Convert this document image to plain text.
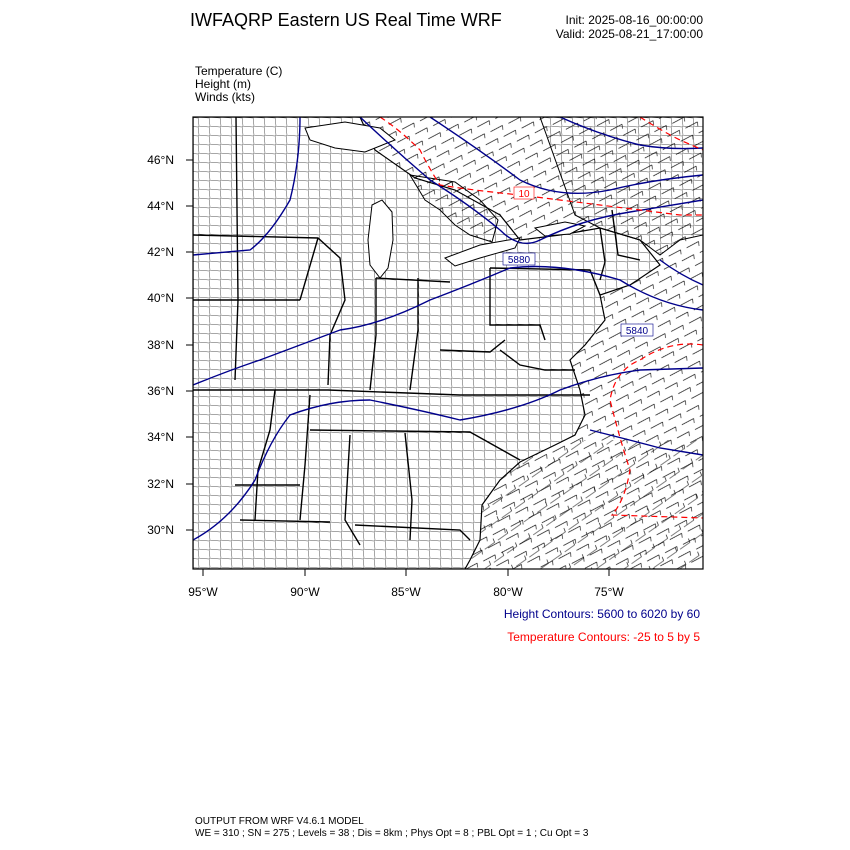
IWFAQRP Eastern US Real Time WRF	Init: 2025-08-16_00:00:00
Valid: 2025-08-21_17:00:00
Temperature (C)
Height (m)
Winds (kts)
10
5880
5840
46°N
44°N
42°N
40°N
38°N
36°N
34°N
32°N
30°N
95°W	90°W	85°W	80°W	75°W
Height Contours: 5600 to 6020 by 60
Temperature Contours: -25 to 5 by 5
OUTPUT FROM WRF V4.6.1 MODEL
WE = 310 ; SN = 275 ; Levels = 38 ; Dis = 8km ; Phys Opt = 8 ; PBL Opt = 1 ; Cu Opt = 3
